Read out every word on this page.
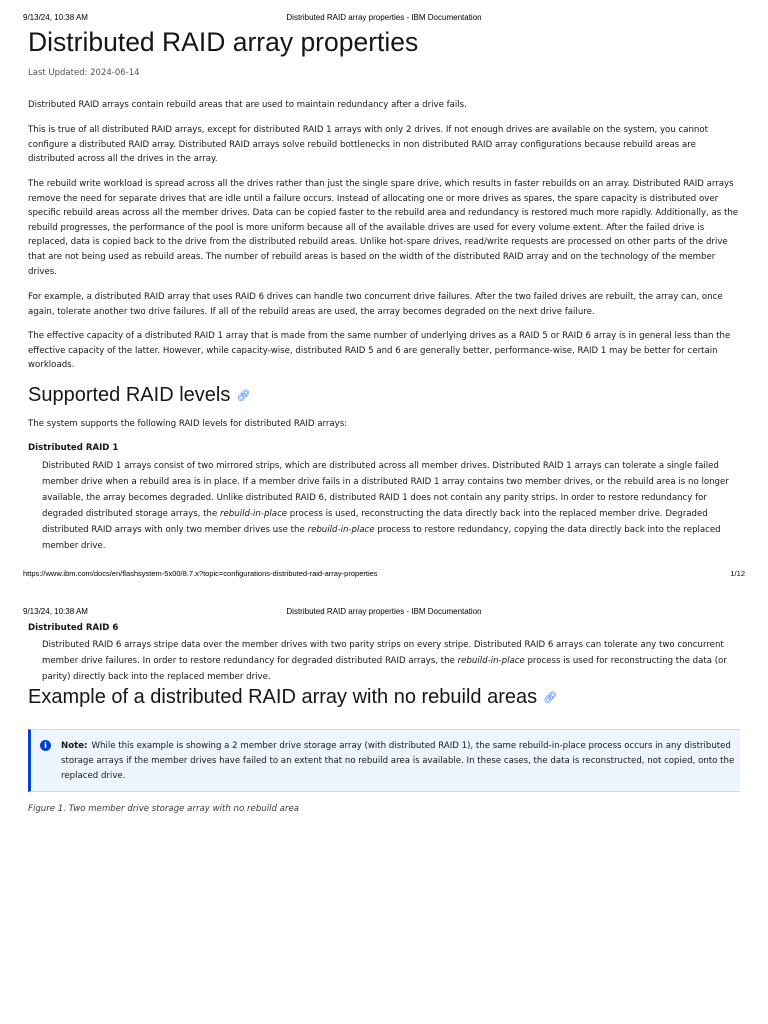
9/13/24, 10:38 AM	Distributed RAID array properties - IBM Documentation
Distributed RAID array properties
Last Updated: 2024-06-14

Distributed RAID arrays contain rebuild areas that are used to maintain redundancy after a drive fails.

This is true of all distributed RAID arrays, except for distributed RAID 1 arrays with only 2 drives. If not enough drives are available on the system, you cannot configure a distributed RAID array. Distributed RAID arrays solve rebuild bottlenecks in non distributed RAID array configurations because rebuild areas are distributed across all the drives in the array.

The rebuild write workload is spread across all the drives rather than just the single spare drive, which results in faster rebuilds on an array. Distributed RAID arrays remove the need for separate drives that are idle until a failure occurs. Instead of allocating one or more drives as spares, the spare capacity is distributed over specific rebuild areas across all the member drives. Data can be copied faster to the rebuild area and redundancy is restored much more rapidly. Additionally, as the rebuild progresses, the performance of the pool is more uniform because all of the available drives are used for every volume extent. After the failed drive is replaced, data is copied back to the drive from the distributed rebuild areas. Unlike hot-spare drives, read/write requests are processed on other parts of the drive that are not being used as rebuild areas. The number of rebuild areas is based on the width of the distributed RAID array and on the technology of the member drives.

For example, a distributed RAID array that uses RAID 6 drives can handle two concurrent drive failures. After the two failed drives are rebuilt, the array can, once again, tolerate another two drive failures. If all of the rebuild areas are used, the array becomes degraded on the next drive failure.

The effective capacity of a distributed RAID 1 array that is made from the same number of underlying drives as a RAID 5 or RAID 6 array is in general less than the effective capacity of the latter. However, while capacity-wise, distributed RAID 5 and 6 are generally better, performance-wise, RAID 1 may be better for certain workloads.

Supported RAID levels 🔗︎
The system supports the following RAID levels for distributed RAID arrays:
Distributed RAID 1

Distributed RAID 1 arrays consist of two mirrored strips, which are distributed across all member drives. Distributed RAID 1 arrays can tolerate a single failed member drive when a rebuild area is in place. If a member drive fails in a distributed RAID 1 array contains two member drives, or the rebuild area is no longer available, the array becomes degraded. Unlike distributed RAID 6, distributed RAID 1 does not contain any parity strips. In order to restore redundancy for degraded distributed storage arrays, the rebuild-in-place process is used, reconstructing the data directly back into the replaced member drive. Degraded distributed RAID arrays with only two member drives use the rebuild-in-place process to restore redundancy, copying the data directly back into the replaced member drive.

https://www.ibm.com/docs/en/flashsystem-5x00/8.7.x?topic=configurations-distributed-raid-array-properties	1/12
9/13/24, 10:38 AM	Distributed RAID array properties - IBM Documentation
Distributed RAID 6

Distributed RAID 6 arrays stripe data over the member drives with two parity strips on every stripe. Distributed RAID 6 arrays can tolerate any two concurrent member drive failures. In order to restore redundancy for degraded distributed RAID arrays, the rebuild-in-place process is used for reconstructing the data (or parity) directly back into the replaced member drive.

Example of a distributed RAID array with no rebuild areas 🔗︎
i	Note: While this example is showing a 2 member drive storage array (with distributed RAID 1), the same rebuild-in-place process occurs in any distributed storage arrays if the member drives have failed to an extent that no rebuild area is available. In these cases, the data is reconstructed, not copied, onto the replaced drive.

Figure 1. Two member drive storage array with no rebuild area
